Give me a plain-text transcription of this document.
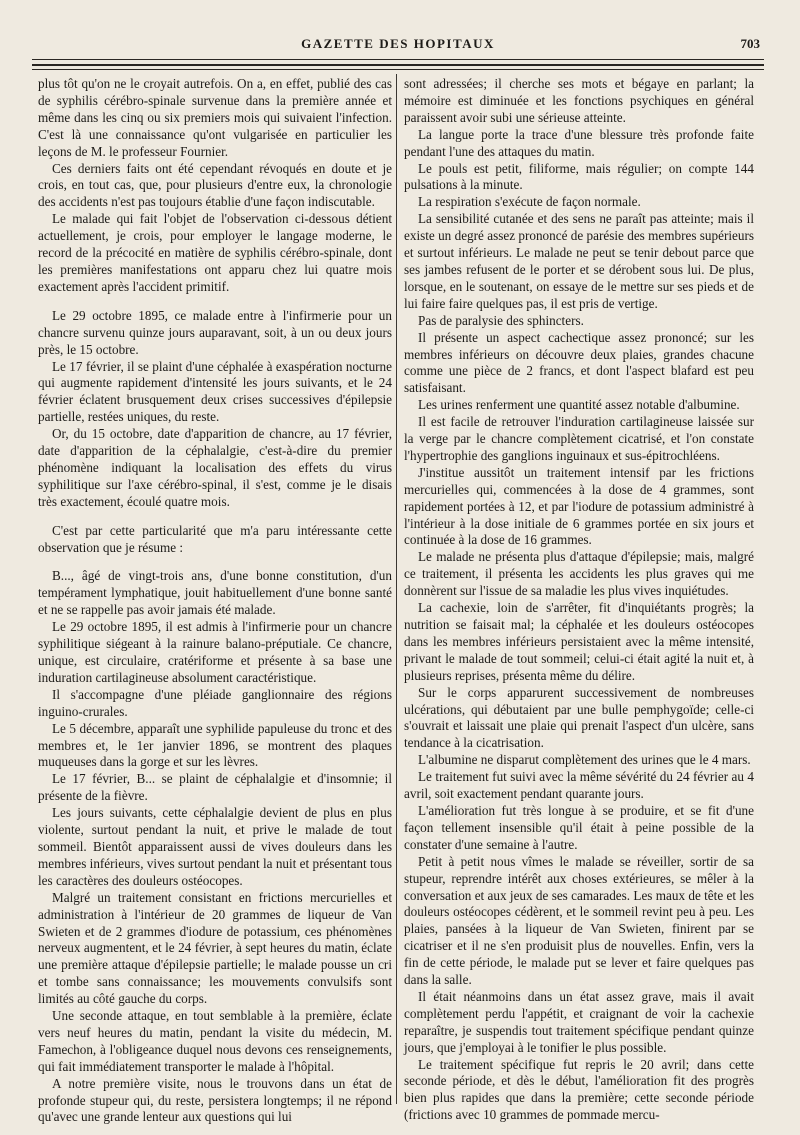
GAZETTE DES HOPITAUX	703

plus tôt qu'on ne le croyait autrefois. On a, en effet, publié des cas de syphilis cérébro-spinale survenue dans la première année et même dans les cinq ou six premiers mois qui suivaient l'infection. C'est là une connaissance qu'ont vulgarisée en particulier les leçons de M. le professeur Fournier.

Ces derniers faits ont été cependant révoqués en doute et je crois, en tout cas, que, pour plusieurs d'entre eux, la chronologie des accidents n'est pas toujours établie d'une façon indiscutable.

Le malade qui fait l'objet de l'observation ci-dessous détient actuellement, je crois, pour employer le langage moderne, le record de la précocité en matière de syphilis cérébro-spinale, dont les premières manifestations ont apparu chez lui quatre mois exactement après l'accident primitif.

Le 29 octobre 1895, ce malade entre à l'infirmerie pour un chancre survenu quinze jours auparavant, soit, à un ou deux jours près, le 15 octobre.

Le 17 février, il se plaint d'une céphalée à exaspération nocturne qui augmente rapidement d'intensité les jours suivants, et le 24 février éclatent brusquement deux crises successives d'épilepsie partielle, restées uniques, du reste.

Or, du 15 octobre, date d'apparition de chancre, au 17 février, date d'apparition de la céphalalgie, c'est-à-dire du premier phénomène indiquant la localisation des effets du virus syphilitique sur l'axe cérébro-spinal, il s'est, comme je le disais très exactement, écoulé quatre mois.

C'est par cette particularité que m'a paru intéressante cette observation que je résume :

B..., âgé de vingt-trois ans, d'une bonne constitution, d'un tempérament lymphatique, jouit habituellement d'une bonne santé et ne se rappelle pas avoir jamais été malade.

Le 29 octobre 1895, il est admis à l'infirmerie pour un chancre syphilitique siégeant à la rainure balano-préputiale. Ce chancre, unique, est circulaire, cratériforme et présente à sa base une induration cartilagineuse absolument caractéristique.

Il s'accompagne d'une pléiade ganglionnaire des régions inguino-crurales.

Le 5 décembre, apparaît une syphilide papuleuse du tronc et des membres et, le 1er janvier 1896, se montrent des plaques muqueuses dans la gorge et sur les lèvres.

Le 17 février, B... se plaint de céphalalgie et d'insomnie; il présente de la fièvre.

Les jours suivants, cette céphalalgie devient de plus en plus violente, surtout pendant la nuit, et prive le malade de tout sommeil. Bientôt apparaissent aussi de vives douleurs dans les membres inférieurs, vives surtout pendant la nuit et présentant tous les caractères des douleurs ostéocopes.

Malgré un traitement consistant en frictions mercurielles et administration à l'intérieur de 20 grammes de liqueur de Van Swieten et de 2 grammes d'iodure de potassium, ces phénomènes nerveux augmentent, et le 24 février, à sept heures du matin, éclate une première attaque d'épilepsie partielle; le malade pousse un cri et tombe sans connaissance; les mouvements convulsifs sont limités au côté gauche du corps.

Une seconde attaque, en tout semblable à la première, éclate vers neuf heures du matin, pendant la visite du médecin, M. Famechon, à l'obligeance duquel nous devons ces renseignements, qui fait immédiatement transporter le malade à l'hôpital.

A notre première visite, nous le trouvons dans un état de profonde stupeur qui, du reste, persistera longtemps; il ne répond qu'avec une grande lenteur aux questions qui lui

sont adressées; il cherche ses mots et bégaye en parlant; la mémoire est diminuée et les fonctions psychiques en général paraissent avoir subi une sérieuse atteinte.

La langue porte la trace d'une blessure très profonde faite pendant l'une des attaques du matin.

Le pouls est petit, filiforme, mais régulier; on compte 144 pulsations à la minute.

La respiration s'exécute de façon normale.

La sensibilité cutanée et des sens ne paraît pas atteinte; mais il existe un degré assez prononcé de parésie des membres supérieurs et surtout inférieurs. Le malade ne peut se tenir debout parce que ses jambes refusent de le porter et se dérobent sous lui. De plus, lorsque, en le soutenant, on essaye de le mettre sur ses pieds et de lui faire faire quelques pas, il est pris de vertige.

Pas de paralysie des sphincters.

Il présente un aspect cachectique assez prononcé; sur les membres inférieurs on découvre deux plaies, grandes chacune comme une pièce de 2 francs, et dont l'aspect blafard est peu satisfaisant.

Les urines renferment une quantité assez notable d'albumine.

Il est facile de retrouver l'induration cartilagineuse laissée sur la verge par le chancre complètement cicatrisé, et l'on constate l'hypertrophie des ganglions inguinaux et sus-épitrochléens.

J'institue aussitôt un traitement intensif par les frictions mercurielles qui, commencées à la dose de 4 grammes, sont rapidement portées à 12, et par l'iodure de potassium administré à l'intérieur à la dose initiale de 6 grammes portée en six jours et continuée à la dose de 16 grammes.

Le malade ne présenta plus d'attaque d'épilepsie; mais, malgré ce traitement, il présenta les accidents les plus graves qui me donnèrent sur l'issue de sa maladie les plus vives inquiétudes.

La cachexie, loin de s'arrêter, fit d'inquiétants progrès; la nutrition se faisait mal; la céphalée et les douleurs ostéocopes dans les membres inférieurs persistaient avec la même intensité, privant le malade de tout sommeil; celui-ci était agité la nuit et, à plusieurs reprises, présenta même du délire.

Sur le corps apparurent successivement de nombreuses ulcérations, qui débutaient par une bulle pemphygoïde; celle-ci s'ouvrait et laissait une plaie qui prenait l'aspect d'un ulcère, sans tendance à la cicatrisation.

L'albumine ne disparut complètement des urines que le 4 mars.

Le traitement fut suivi avec la même sévérité du 24 février au 4 avril, soit exactement pendant quarante jours.

L'amélioration fut très longue à se produire, et se fit d'une façon tellement insensible qu'il était à peine possible de la constater d'une semaine à l'autre.

Petit à petit nous vîmes le malade se réveiller, sortir de sa stupeur, reprendre intérêt aux choses extérieures, se mêler à la conversation et aux jeux de ses camarades. Les maux de tête et les douleurs ostéocopes cédèrent, et le sommeil revint peu à peu. Les plaies, pansées à la liqueur de Van Swieten, finirent par se cicatriser et il ne s'en produisit plus de nouvelles. Enfin, vers la fin de cette période, le malade put se lever et faire quelques pas dans la salle.

Il était néanmoins dans un état assez grave, mais il avait complètement perdu l'appétit, et craignant de voir la cachexie reparaître, je suspendis tout traitement spécifique pendant quinze jours, que j'employai à le tonifier le plus possible.

Le traitement spécifique fut repris le 20 avril; dans cette seconde période, et dès le début, l'amélioration fit des progrès bien plus rapides que dans la première; cette seconde période (frictions avec 10 grammes de pommade mercu-
